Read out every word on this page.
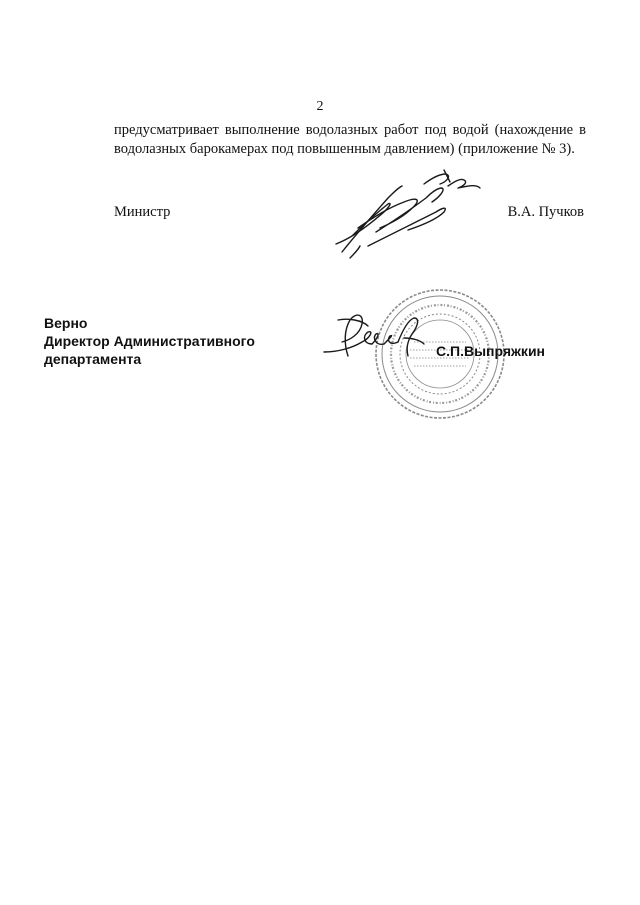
2
предусматривает выполнение водолазных работ под водой (нахождение в
водолазных барокамерах под повышенным давлением) (приложение № 3).
Министр	В.А. Пучков
Верно
Директор Административного
департамента	С.П.Выпряжкин
